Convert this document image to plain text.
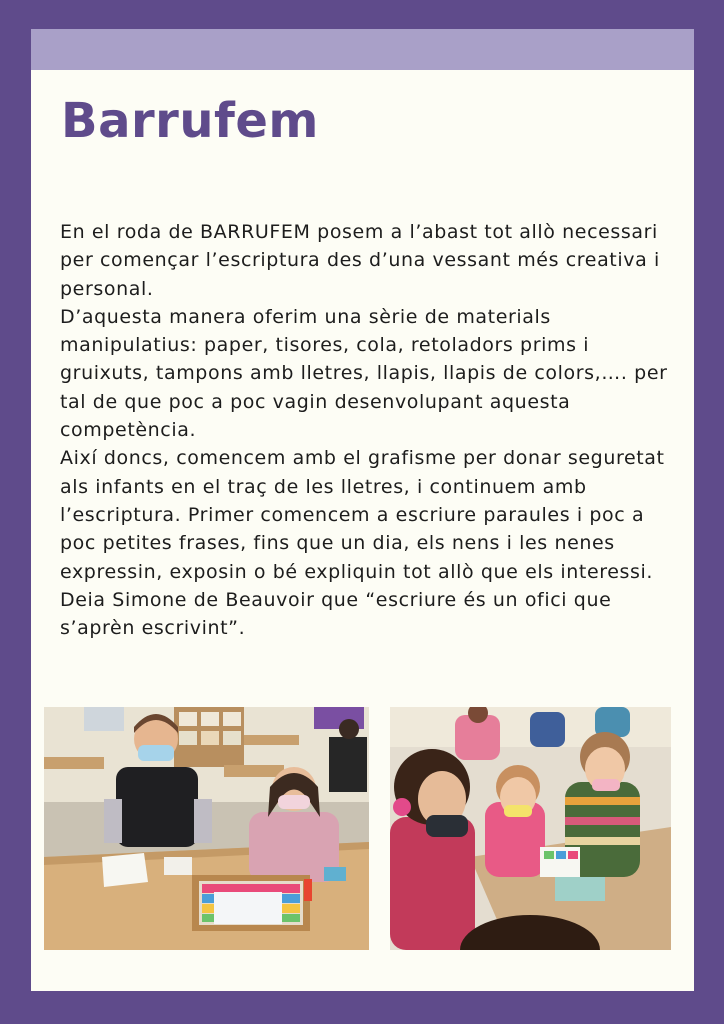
Barrufem

En el roda de BARRUFEM posem a l’abast tot allò necessari per començar l’escriptura des d’una vessant més creativa i personal.

D’aquesta manera oferim una sèrie de materials manipulatius: paper, tisores, cola, retoladors prims i gruixuts, tampons amb lletres, llapis, llapis de colors,…. per tal de que poc a poc vagin desenvolupant aquesta competència.

Així doncs, comencem amb el grafisme per donar seguretat als infants en el traç de les lletres, i continuem amb l’escriptura. Primer comencem a escriure paraules i poc a poc petites frases, fins que un dia, els nens i les nenes expressin, exposin o bé expliquin tot allò que els interessi.

Deia Simone de Beauvoir que “escriure és un ofici que s’aprèn escrivint”.
